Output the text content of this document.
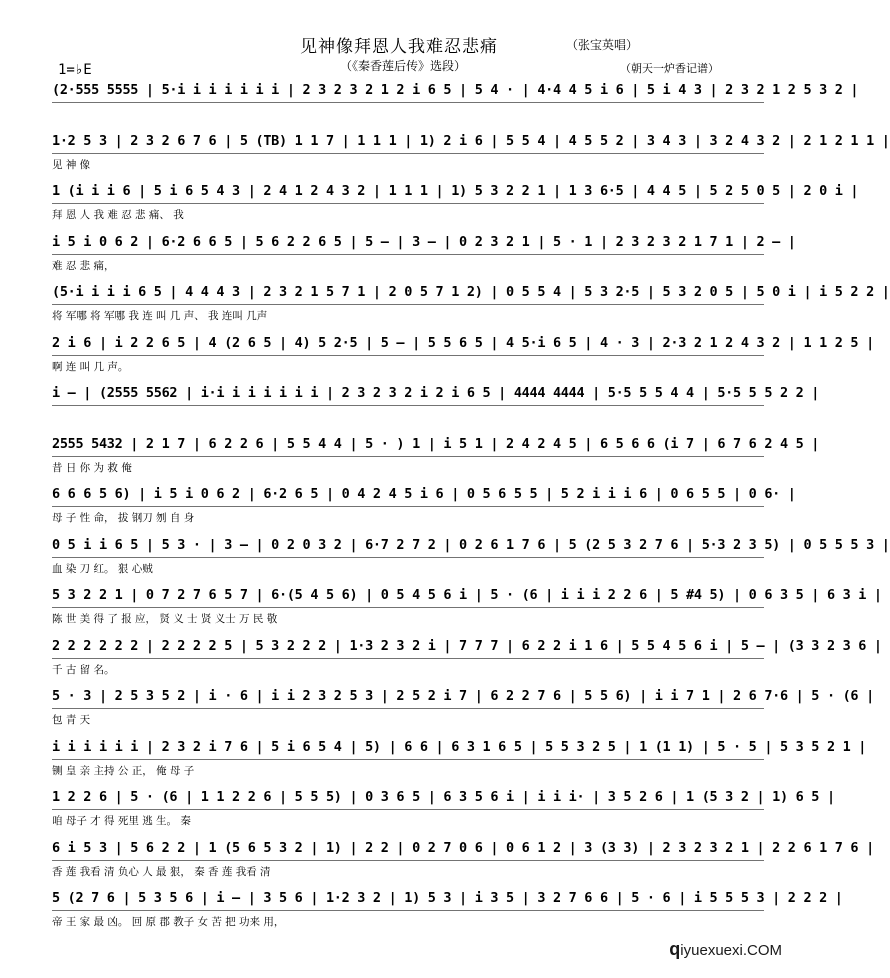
见神像拜恩人我难忍悲痛	（张宝英唱）
（《秦香莲后传》选段）	（朝天一炉香记谱）
1=♭E
(2·555 5555 | 5·i i i i i i i | 2 3 2 3 2 1 2 i 6 5 | 5 4 · | 4·4 4 5 i 6 | 5 i 4 3 | 2 3 2 1 2 5 3 2 |
1·2 5 3 | 2 3 2 6 7 6 | 5 (TB) 1 1 7 | 1 1 1 | 1) 2 i 6 | 5 5 4 | 4 5 5 2 | 3 4 3 | 3 2 4 3 2 | 2 1 2 1 1 |
见 神 像
1 (i i i 6 | 5 i 6 5 4 3 | 2 4 1 2 4 3 2 | 1 1 1 | 1) 5 3 2 2 1 | 1 3 6·5 | 4 4 5 | 5 2 5 0 5 | 2 0 i |
拜 恩 人 我 难 忍 悲 痛、 我
i 5 i 0 6 2 | 6·2 6 6 5 | 5 6 2 2 6 5 | 5 — | 3 — | 0 2 3 2 1 | 5 · 1 | 2 3 2 3 2 1 7 1 | 2 — |
难 忍 悲 痛，
(5·i i i i 6 5 | 4 4 4 3 | 2 3 2 1 5 7 1 | 2 0 5 7 1 2) | 0 5 5 4 | 5 3 2·5 | 5 3 2 0 5 | 5 0 i | i 5 2 2 |
将 军哪 将 军哪 我 连 叫 几 声、 我 连叫 几声
2 i 6 | i 2 2 6 5 | 4 (2 6 5 | 4) 5 2·5 | 5 — | 5 5 6 5 | 4 5·i 6 5 | 4 · 3 | 2·3 2 1 2 4 3 2 | 1 1 2 5 |
啊 连 叫 几 声。
i — | (2555 5562 | i·i i i i i i i | 2 3 2 3 2 i 2 i 6 5 | 4444 4444 | 5·5 5 5 4 4 | 5·5 5 5 2 2 |
2555 5432 | 2 1 7 | 6 2 2 6 | 5 5 4 4 | 5 · ) 1 | i 5 1 | 2 4 2 4 5 | 6 5 6 6 (i 7 | 6 7 6 2 4 5 |
昔 日 你 为 救 俺
6 6 6 5 6) | i 5 i 0 6 2 | 6·2 6 5 | 0 4 2 4 5 i 6 | 0 5 6 5 5 | 5 2 i i i 6 | 0 6 5 5 | 0 6· |
母 子 性 命， 拔 钢刀 刎 自 身
0 5 i i 6 5 | 5 3 · | 3 — | 0 2 0 3 2 | 6·7 2 7 2 | 0 2 6 1 7 6 | 5 (2 5 3 2 7 6 | 5·3 2 3 5) | 0 5 5 5 3 |
血 染 刀 红。 狠 心贼
5 3 2 2 1 | 0 7 2 7 6 5 7 | 6·(5 4 5 6) | 0 5 4 5 6 i | 5 · (6 | i i i 2 2 6 | 5 #4 5) | 0 6 3 5 | 6 3 i |
陈 世 美 得 了 报 应， 贤 义 士 贤 义士 万 民 敬
2 2 2 2 2 2 | 2 2 2 2 5 | 5 3 2 2 2 | 1·3 2 3 2 i | 7 7 7 | 6 2 2 i 1 6 | 5 5 4 5 6 i | 5 — | (3 3 2 3 6 |
千 古 留 名。
5 · 3 | 2 5 3 5 2 | i · 6 | i i 2 3 2 5 3 | 2 5 2 i 7 | 6 2 2 7 6 | 5 5 6) | i i 7 1 | 2 6 7·6 | 5 · (6 |
包 青 天
i i i i i i | 2 3 2 i 7 6 | 5 i 6 5 4 | 5) | 6 6 | 6 3 1 6 5 | 5 5 3 2 5 | 1 (1 1) | 5 · 5 | 5 3 5 2 1 |
铡 皇 亲 主持 公 正， 俺 母 子
1 2 2 6 | 5 · (6 | 1 1 2 2 6 | 5 5 5) | 0 3 6 5 | 6 3 5 6 i | i i i· | 3 5 2 6 | 1 (5 3 2 | 1) 6 5 |
咱 母子 才 得 死里 逃 生。 秦
6 i 5 3 | 5 6 2 2 | 1 (5 6 5 3 2 | 1) | 2 2 | 0 2 7 0 6 | 0 6 1 2 | 3 (3 3) | 2 3 2 3 2 1 | 2 2 6 1 7 6 |
香 莲 我看 清 负心 人 最 狠， 秦 香 莲 我看 清
5 (2 7 6 | 5 3 5 6 | i — | 3 5 6 | 1·2 3 2 | 1) 5 3 | i 3 5 | 3 2 7 6 6 | 5 · 6 | i 5 5 5 3 | 2 2 2 |
帝 王 家 最 凶。 回 原 郡 教子 女 苦 把 功来 用，
qiyuexuexi.COM
